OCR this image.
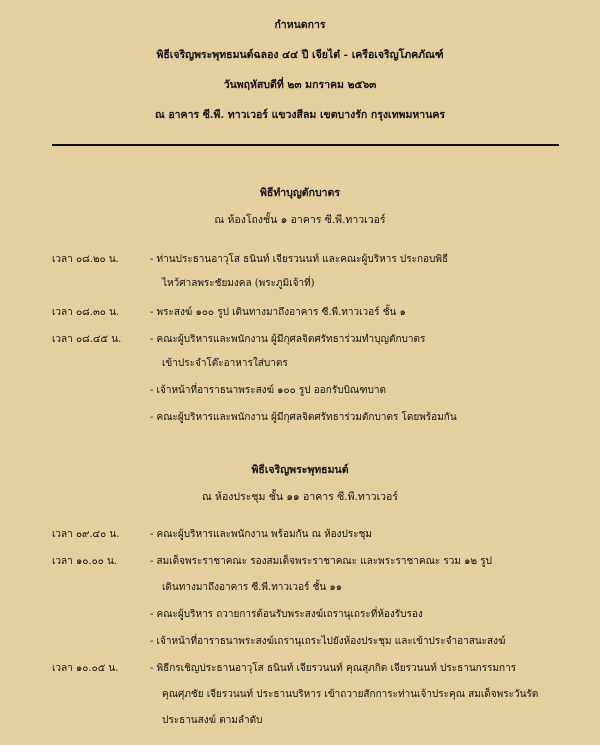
กำหนดการ
พิธีเจริญพระพุทธมนต์ฉลอง ๔๔ ปี เจียไต๋ - เครือเจริญโภคภัณฑ์
วันพฤหัสบดีที่ ๒๓ มกราคม ๒๕๖๓
ณ อาคาร ซี.พี. ทาวเวอร์ แขวงสีลม เขตบางรัก กรุงเทพมหานคร
พิธีทำบุญตักบาตร
ณ ห้องโถงชั้น ๑ อาคาร ซี.พี.ทาวเวอร์
เวลา ๐๘.๒๐ น.	- ท่านประธานอาวุโส ธนินท์ เจียรวนนท์ และคณะผู้บริหาร ประกอบพิธี
ไหว้ศาลพระชัยมงคล (พระภูมิเจ้าที่)
เวลา ๐๘.๓๐ น.	- พระสงฆ์ ๑๐๐ รูป เดินทางมาถึงอาคาร ซี.พี.ทาวเวอร์ ชั้น ๑
เวลา ๐๘.๔๕ น.	- คณะผู้บริหารและพนักงาน ผู้มีกุศลจิตศรัทธาร่วมทำบุญตักบาตร
เข้าประจำโต๊ะอาหารใส่บาตร
- เจ้าหน้าที่อาราธนาพระสงฆ์ ๑๐๐ รูป ออกรับบิณฑบาต
- คณะผู้บริหารและพนักงาน ผู้มีกุศลจิตศรัทธาร่วมตักบาตร โดยพร้อมกัน
พิธีเจริญพระพุทธมนต์
ณ ห้องประชุม ชั้น ๑๑ อาคาร ซี.พี.ทาวเวอร์
เวลา ๐๙.๔๐ น.	- คณะผู้บริหารและพนักงาน พร้อมกัน ณ ห้องประชุม
เวลา ๑๐.๐๐ น.	- สมเด็จพระราชาคณะ รองสมเด็จพระราชาคณะ และพระราชาคณะ รวม ๑๒ รูป
เดินทางมาถึงอาคาร ซี.พี.ทาวเวอร์ ชั้น ๑๑
- คณะผู้บริหาร ถวายการต้อนรับพระสงฆ์เถรานุเถระที่ห้องรับรอง
- เจ้าหน้าที่อาราธนาพระสงฆ์เถรานุเถระไปยังห้องประชุม และเข้าประจำอาสนะสงฆ์
เวลา ๑๐.๐๕ น.	- พิธีกรเชิญประธานอาวุโส ธนินท์ เจียรวนนท์ คุณสุภกิต เจียรวนนท์ ประธานกรรมการ
คุณศุภชัย เจียรวนนท์ ประธานบริหาร เข้าถวายสักการะท่านเจ้าประคุณ สมเด็จพระวันรัต
ประธานสงฆ์ ตามลำดับ
